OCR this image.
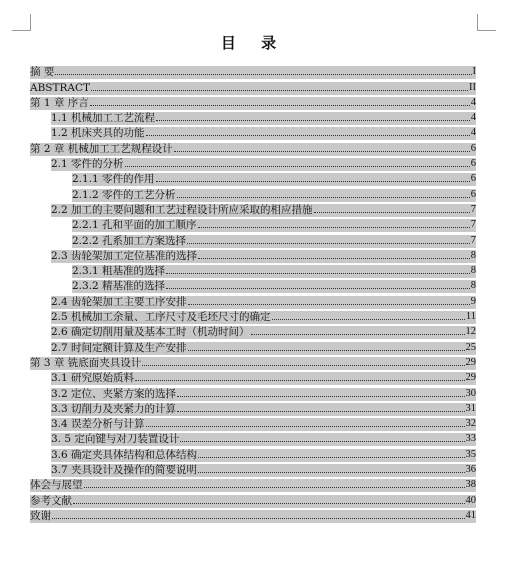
目 录
摘 要	I
ABSTRACT	II
第 1 章 序言	4
1.1 机械加工工艺流程	4
1.2 机床夹具的功能	4
第 2 章 机械加工工艺规程设计	6
2.1 零件的分析	6
2.1.1 零件的作用	6
2.1.2 零件的工艺分析	6
2.2 加工的主要问题和工艺过程设计所应采取的相应措施	7
2.2.1 孔和平面的加工顺序	7
2.2.2 孔系加工方案选择	7
2.3 齿轮架加工定位基准的选择	8
2.3.1 粗基准的选择	8
2.3.2 精基准的选择	8
2.4 齿轮架加工主要工序安排	9
2.5 机械加工余量、工序尺寸及毛坯尺寸的确定	11
2.6 确定切削用量及基本工时（机动时间）	12
2.7 时间定额计算及生产安排	25
第 3 章 铣底面夹具设计	29
3.1 研究原始质料	29
3.2 定位、夹紧方案的选择	30
3.3 切削力及夹紧力的计算	31
3.4 误差分析与计算	32
3. 5 定向键与对刀装置设计	33
3.6 确定夹具体结构和总体结构	35
3.7 夹具设计及操作的简要说明	36
体会与展望	38
参考文献	40
致谢	41
